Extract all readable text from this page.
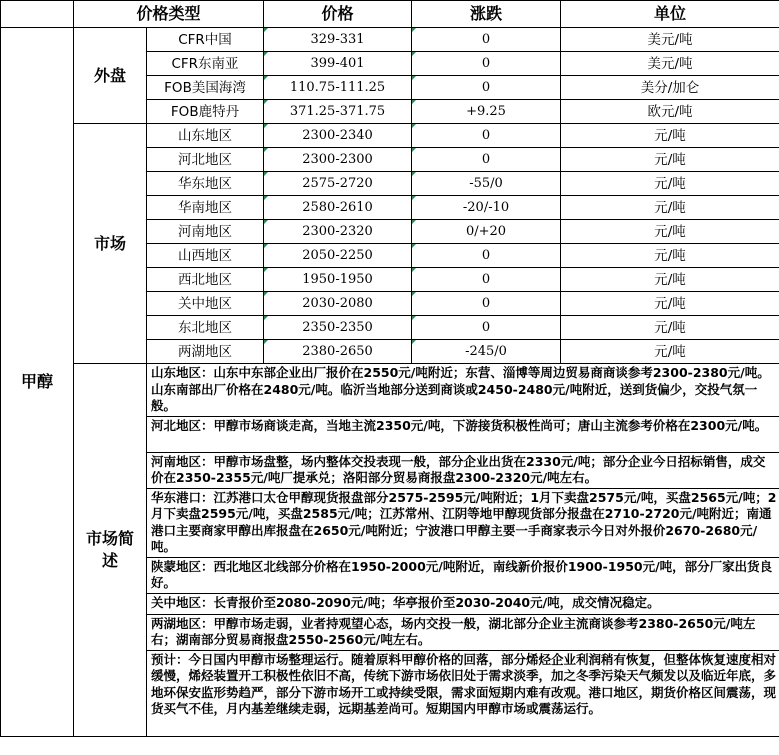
	价格类型		价格	涨跌	单位
甲醇	外盘	CFR中国	329-331	0	美元/吨
		CFR东南亚	399-401	0	美元/吨
		FOB美国海湾	110.75-111.25	0	美分/加仑
		FOB鹿特丹	371.25-371.75	+9.25	欧元/吨
	市场	山东地区	2300-2340	0	元/吨
		河北地区	2300-2300	0	元/吨
		华东地区	2575-2720	-55/0	元/吨
		华南地区	2580-2610	-20/-10	元/吨
		河南地区	2300-2320	0/+20	元/吨
		山西地区	2050-2250	0	元/吨
		西北地区	1950-1950	0	元/吨
		关中地区	2030-2080	0	元/吨
		东北地区	2350-2350	0	元/吨
		两湖地区	2380-2650	-245/0	元/吨

	市场简述	山东地区：山东中东部企业出厂报价在2550元/吨附近；东营、淄博等周边贸易商商谈参考2300-2380元/吨。山东南部出厂价格在2480元/吨。临沂当地部分送到商谈或2450-2480元/吨附近，送到货偏少，交投气氛一般。			
		河北地区：甲醇市场商谈走高，当地主流2350元/吨，下游接货积极性尚可；唐山主流参考价格在2300元/吨。			
		河南地区：甲醇市场盘整，场内整体交投表现一般，部分企业出货在2330元/吨；部分企业今日招标销售，成交价在2350-2355元/吨厂提承兑；洛阳部分贸易商报盘2300-2320元/吨左右。			
		华东港口：江苏港口太仓甲醇现货报盘部分2575-2595元/吨附近；1月下卖盘2575元/吨，买盘2565元/吨；2月下卖盘2595元/吨，买盘2585元/吨；江苏常州、江阴等地甲醇现货部分报盘在2710-2720元/吨附近；南通港口主要商家甲醇出库报盘在2650元/吨附近；宁波港口甲醇主要一手商家表示今日对外报价2670-2680元/吨。			
		陕蒙地区：西北地区北线部分价格在1950-2000元/吨附近，南线新价报价1900-1950元/吨，部分厂家出货良好。			
		关中地区：长青报价至2080-2090元/吨；华亭报价至2030-2040元/吨，成交情况稳定。			
		两湖地区：甲醇市场走弱，业者持观望心态，场内交投一般，湖北部分企业主流商谈参考2380-2650元/吨左右；湖南部分贸易商报盘2550-2560元/吨左右。			
		预计：今日国内甲醇市场整理运行。随着原料甲醇价格的回落，部分烯烃企业利润稍有恢复，但整体恢复速度相对缓慢，烯烃装置开工积极性依旧不高，传统下游市场依旧处于需求淡季，加之冬季污染天气频发以及临近年底，多地环保安监形势趋严，部分下游市场开工或持续受限，需求面短期内难有改观。港口地区，期货价格区间震荡，现货买气不佳，月内基差继续走弱，远期基差尚可。短期国内甲醇市场或震荡运行。			
